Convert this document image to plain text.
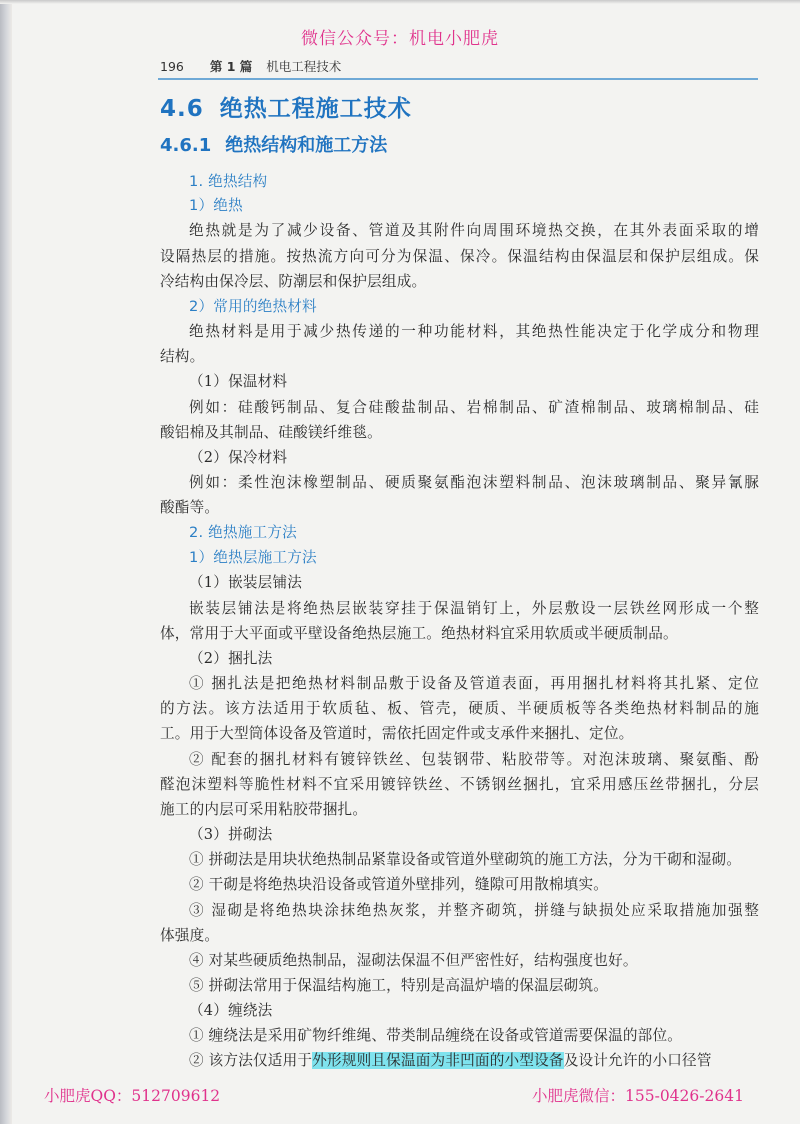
微信公众号：机电小肥虎
196 第 1 篇 机电工程技术
4.6 绝热工程施工技术
4.6.1 绝热结构和施工方法
1. 绝热结构
1）绝热
绝热就是为了减少设备、管道及其附件向周围环境热交换，在其外表面采取的增
设隔热层的措施。按热流方向可分为保温、保冷。保温结构由保温层和保护层组成。保
冷结构由保冷层、防潮层和保护层组成。
2）常用的绝热材料
绝热材料是用于减少热传递的一种功能材料，其绝热性能决定于化学成分和物理
结构。
（1）保温材料
例如：硅酸钙制品、复合硅酸盐制品、岩棉制品、矿渣棉制品、玻璃棉制品、硅
酸铝棉及其制品、硅酸镁纤维毯。
（2）保冷材料
例如：柔性泡沫橡塑制品、硬质聚氨酯泡沫塑料制品、泡沫玻璃制品、聚异氰脲
酸酯等。
2. 绝热施工方法
1）绝热层施工方法
（1）嵌装层铺法
嵌装层铺法是将绝热层嵌装穿挂于保温销钉上，外层敷设一层铁丝网形成一个整
体，常用于大平面或平壁设备绝热层施工。绝热材料宜采用软质或半硬质制品。
（2）捆扎法
① 捆扎法是把绝热材料制品敷于设备及管道表面，再用捆扎材料将其扎紧、定位
的方法。该方法适用于软质毡、板、管壳，硬质、半硬质板等各类绝热材料制品的施
工。用于大型筒体设备及管道时，需依托固定件或支承件来捆扎、定位。
② 配套的捆扎材料有镀锌铁丝、包装钢带、粘胶带等。对泡沫玻璃、聚氨酯、酚
醛泡沫塑料等脆性材料不宜采用镀锌铁丝、不锈钢丝捆扎，宜采用感压丝带捆扎，分层
施工的内层可采用粘胶带捆扎。
（3）拼砌法
① 拼砌法是用块状绝热制品紧靠设备或管道外壁砌筑的施工方法，分为干砌和湿砌。
② 干砌是将绝热块沿设备或管道外壁排列，缝隙可用散棉填实。
③ 湿砌是将绝热块涂抹绝热灰浆，并整齐砌筑，拼缝与缺损处应采取措施加强整
体强度。
④ 对某些硬质绝热制品，湿砌法保温不但严密性好，结构强度也好。
⑤ 拼砌法常用于保温结构施工，特别是高温炉墙的保温层砌筑。
（4）缠绕法
① 缠绕法是采用矿物纤维绳、带类制品缠绕在设备或管道需要保温的部位。
② 该方法仅适用于外形规则且保温面为非凹面的小型设备及设计允许的小口径管
小肥虎QQ：512709612	小肥虎微信：155-0426-2641
